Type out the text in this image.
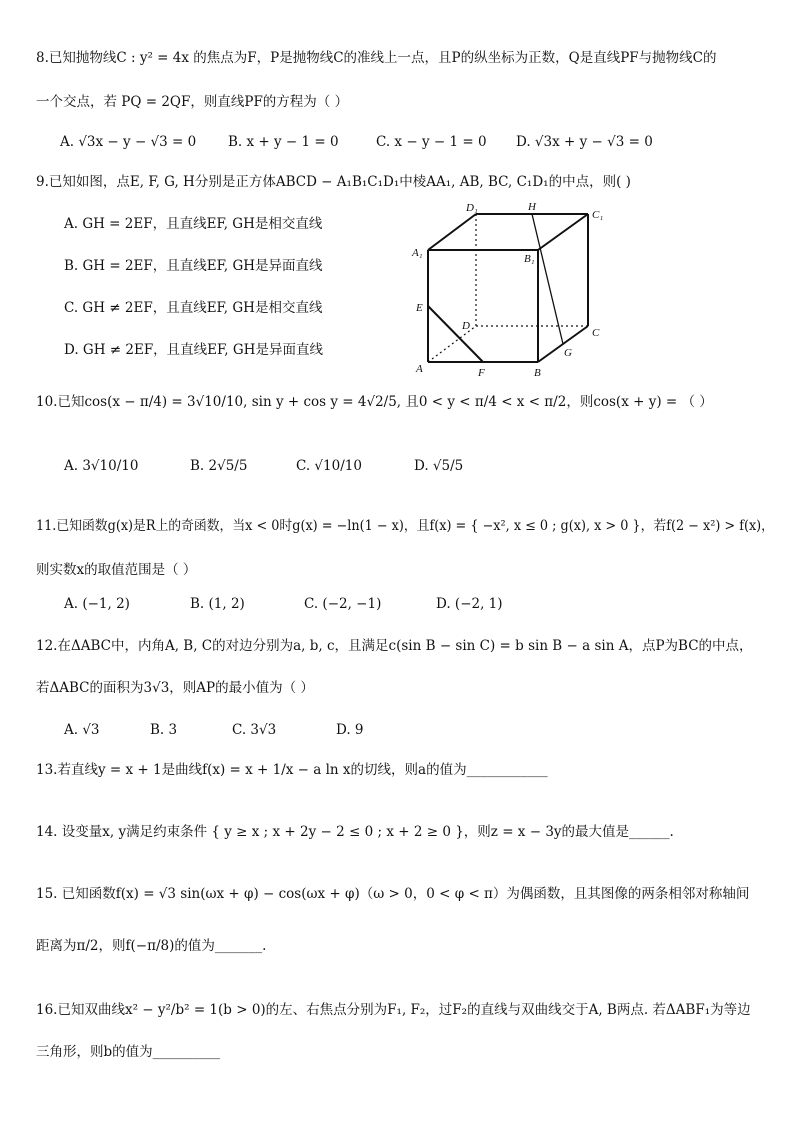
8.已知抛物线C : y² = 4x 的焦点为F，P是抛物线C的准线上一点，且P的纵坐标为正数，Q是直线PF与抛物线C的
一个交点，若 PQ = 2QF，则直线PF的方程为（ ）
A. √3x − y − √3 = 0 B. x + y − 1 = 0	C. x − y − 1 = 0 D. √3x + y − √3 = 0
9.已知如图，点E, F, G, H分别是正方体ABCD − A₁B₁C₁D₁中棱AA₁, AB, BC, C₁D₁的中点，则( )
A. GH = 2EF，且直线EF, GH是相交直线
B. GH = 2EF，且直线EF, GH是异面直线
C. GH ≠ 2EF，且直线EF, GH是相交直线
D. GH ≠ 2EF，且直线EF, GH是异面直线
D₁	H
C₁
A₁	B₁
E
D
C
A	F	B
G
10.已知cos(x − π/4) = 3√10/10, sin y + cos y = 4√2/5, 且0 < y < π/4 < x < π/2，则cos(x + y) = （ ）
A. 3√10/10	B. 2√5/5	C. √10/10	D. √5/5
11.已知函数g(x)是R上的奇函数，当x < 0时g(x) = −ln(1 − x)，且f(x) = { −x², x ≤ 0 ; g(x), x > 0 }，若f(2 − x²) > f(x)，
则实数x的取值范围是（ ）
A. (−1, 2)	B. (1, 2)	C. (−2, −1)	D. (−2, 1)
12.在ΔABC中，内角A, B, C的对边分别为a, b, c，且满足c(sin B − sin C) = b sin B − a sin A，点P为BC的中点，
若ΔABC的面积为3√3，则AP的最小值为（ ）
A. √3	B. 3	C. 3√3	D. 9
13.若直线y = x + 1是曲线f(x) = x + 1/x − a ln x的切线，则a的值为____________
14. 设变量x, y满足约束条件 { y ≥ x ; x + 2y − 2 ≤ 0 ; x + 2 ≥ 0 }，则z = x − 3y的最大值是______.
15. 已知函数f(x) = √3 sin(ωx + φ) − cos(ωx + φ)（ω > 0，0 < φ < π）为偶函数，且其图像的两条相邻对称轴间
距离为π/2，则f(−π/8)的值为_______.
16.已知双曲线x² − y²/b² = 1(b > 0)的左、右焦点分别为F₁, F₂，过F₂的直线与双曲线交于A, B两点. 若ΔABF₁为等边
三角形，则b的值为__________
